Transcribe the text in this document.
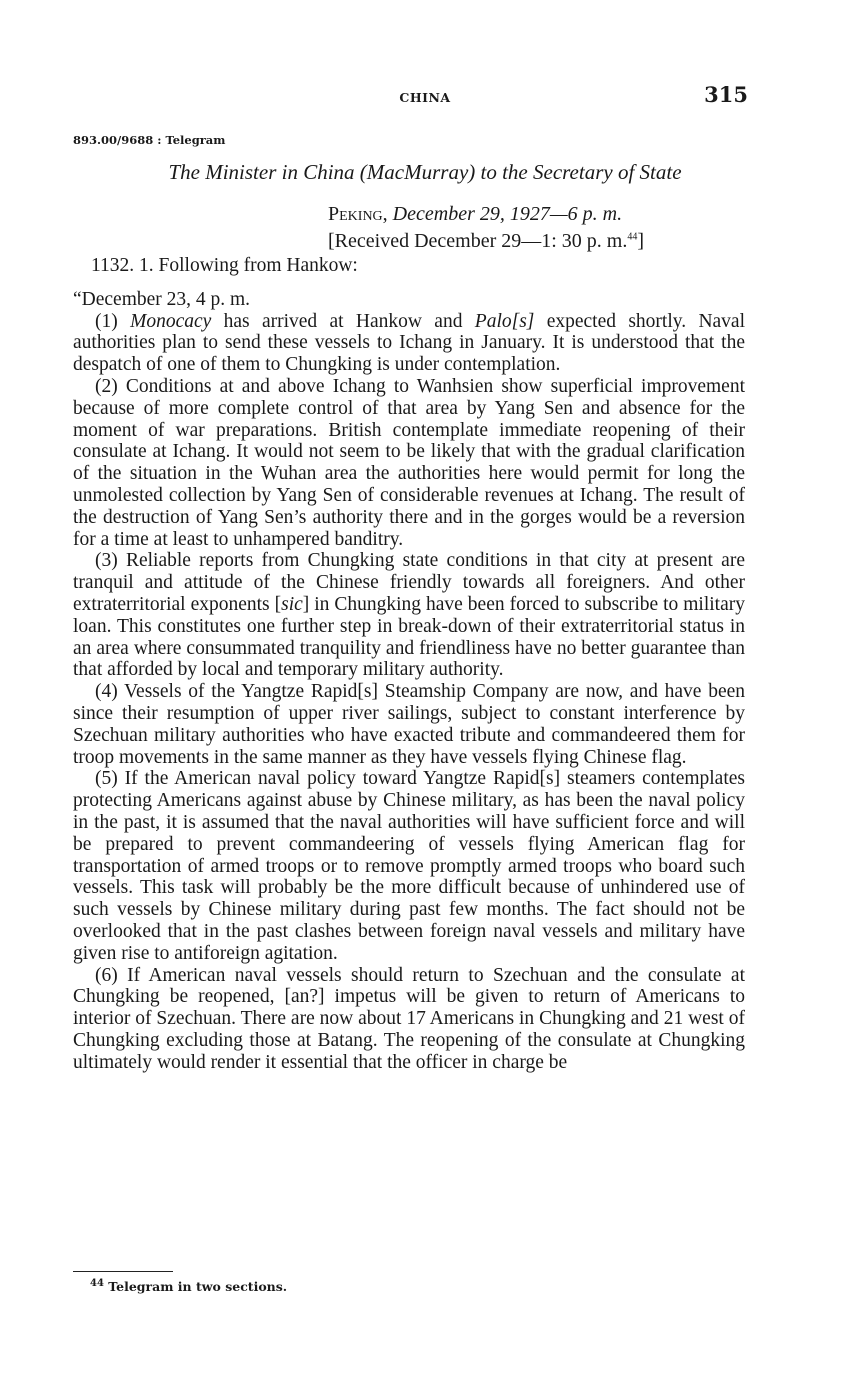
CHINA	315
893.00/9688 : Telegram
The Minister in China (MacMurray) to the Secretary of State
Peking, December 29, 1927—6 p. m.
[Received December 29—1: 30 p. m.$^{44}$]

1132. 1. Following from Hankow:

“December 23, 4 p. m.

(1) Monocacy has arrived at Hankow and Palo[s] expected shortly. Naval authorities plan to send these vessels to Ichang in January. It is understood that the despatch of one of them to Chungking is under contemplation.

(2) Conditions at and above Ichang to Wanhsien show superficial improvement because of more complete control of that area by Yang Sen and absence for the moment of war preparations. British contemplate immediate reopening of their consulate at Ichang. It would not seem to be likely that with the gradual clarification of the situation in the Wuhan area the authorities here would permit for long the unmolested collection by Yang Sen of considerable revenues at Ichang. The result of the destruction of Yang Sen’s authority there and in the gorges would be a reversion for a time at least to unhampered banditry.

(3) Reliable reports from Chungking state conditions in that city at present are tranquil and attitude of the Chinese friendly towards all foreigners. And other extraterritorial exponents [sic] in Chungking have been forced to subscribe to military loan. This constitutes one further step in break-down of their extraterritorial status in an area where consummated tranquility and friendliness have no better guarantee than that afforded by local and temporary military authority.

(4) Vessels of the Yangtze Rapid[s] Steamship Company are now, and have been since their resumption of upper river sailings, subject to constant interference by Szechuan military authorities who have exacted tribute and commandeered them for troop movements in the same manner as they have vessels flying Chinese flag.

(5) If the American naval policy toward Yangtze Rapid[s] steamers contemplates protecting Americans against abuse by Chinese military, as has been the naval policy in the past, it is assumed that the naval authorities will have sufficient force and will be prepared to prevent commandeering of vessels flying American flag for transportation of armed troops or to remove promptly armed troops who board such vessels. This task will probably be the more difficult because of unhindered use of such vessels by Chinese military during past few months. The fact should not be overlooked that in the past clashes between foreign naval vessels and military have given rise to antiforeign agitation.

(6) If American naval vessels should return to Szechuan and the consulate at Chungking be reopened, [an?] impetus will be given to return of Americans to interior of Szechuan. There are now about 17 Americans in Chungking and 21 west of Chungking excluding those at Batang. The reopening of the consulate at Chungking ultimately would render it essential that the officer in charge be

$^{44}$ Telegram in two sections.
